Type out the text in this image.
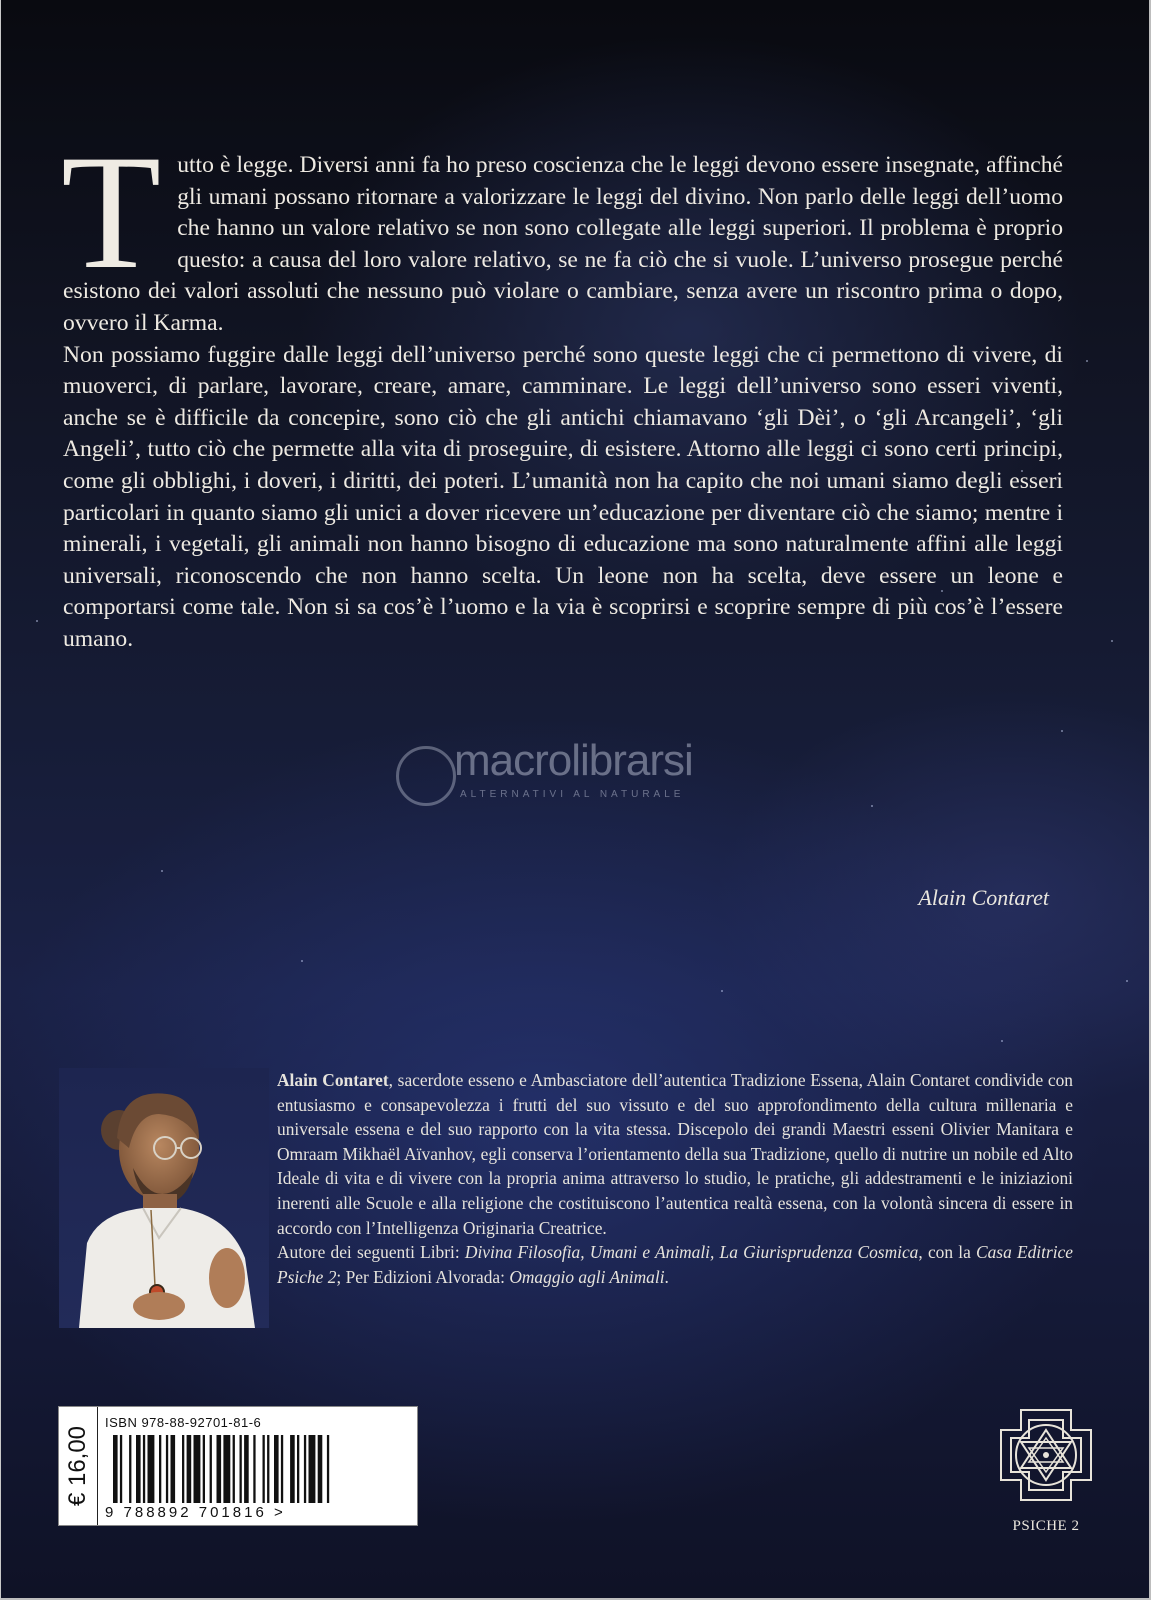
T utto è legge. Diversi anni fa ho preso coscienza che le leggi devono essere insegnate, affinché gli umani possano ritornare a valorizzare le leggi del divino. Non parlo delle leggi dell’uomo che hanno un valore relativo se non sono collegate alle leggi superiori. Il problema è proprio questo: a causa del loro valore relativo, se ne fa ciò che si vuole. L’universo prosegue perché esistono dei valori assoluti che nessuno può violare o cambiare, senza avere un riscontro prima o dopo, ovvero il Karma.

Non possiamo fuggire dalle leggi dell’universo perché sono queste leggi che ci permettono di vivere, di muoverci, di parlare, lavorare, creare, amare, camminare. Le leggi dell’universo sono esseri viventi, anche se è difficile da concepire, sono ciò che gli antichi chiamavano ‘gli Dèi’, o ‘gli Arcangeli’, ‘gli Angeli’, tutto ciò che permette alla vita di proseguire, di esistere. Attorno alle leggi ci sono certi principi, come gli obblighi, i doveri, i diritti, dei poteri. L’umanità non ha capito che noi umani siamo degli esseri particolari in quanto siamo gli unici a dover ricevere un’educazione per diventare ciò che siamo; mentre i minerali, i vegetali, gli animali non hanno bisogno di educazione ma sono naturalmente affini alle leggi universali, riconoscendo che non hanno scelta. Un leone non ha scelta, deve essere un leone e comportarsi come tale. Non si sa cos’è l’uomo e la via è scoprirsi e scoprire sempre di più cos’è l’essere umano.

Alain Contaret
macrolibrarsi
ALTERNATIVI AL NATURALE

Alain Contaret, sacerdote esseno e Ambasciatore dell’autentica Tradizione Essena, Alain Contaret condivide con entusiasmo e consapevolezza i frutti del suo vissuto e del suo approfondimento della cultura millenaria e universale essena e del suo rapporto con la vita stessa. Discepolo dei grandi Maestri esseni Olivier Manitara e Omraam Mikhaël Aïvanhov, egli conserva l’orientamento della sua Tradizione, quello di nutrire un nobile ed Alto Ideale di vita e di vivere con la propria anima attraverso lo studio, le pratiche, gli addestramenti e le iniziazioni inerenti alle Scuole e alla religione che costituiscono l’autentica realtà essena, con la volontà sincera di essere in accordo con l’Intelligenza Originaria Creatrice.

Autore dei seguenti Libri: Divina Filosofia, Umani e Animali, La Giurisprudenza Cosmica, con la Casa Editrice Psiche 2; Per Edizioni Alvorada: Omaggio agli Animali.

€ 16,00
ISBN 978-88-92701-81-6
9 788892 701816 >
PSICHE 2
